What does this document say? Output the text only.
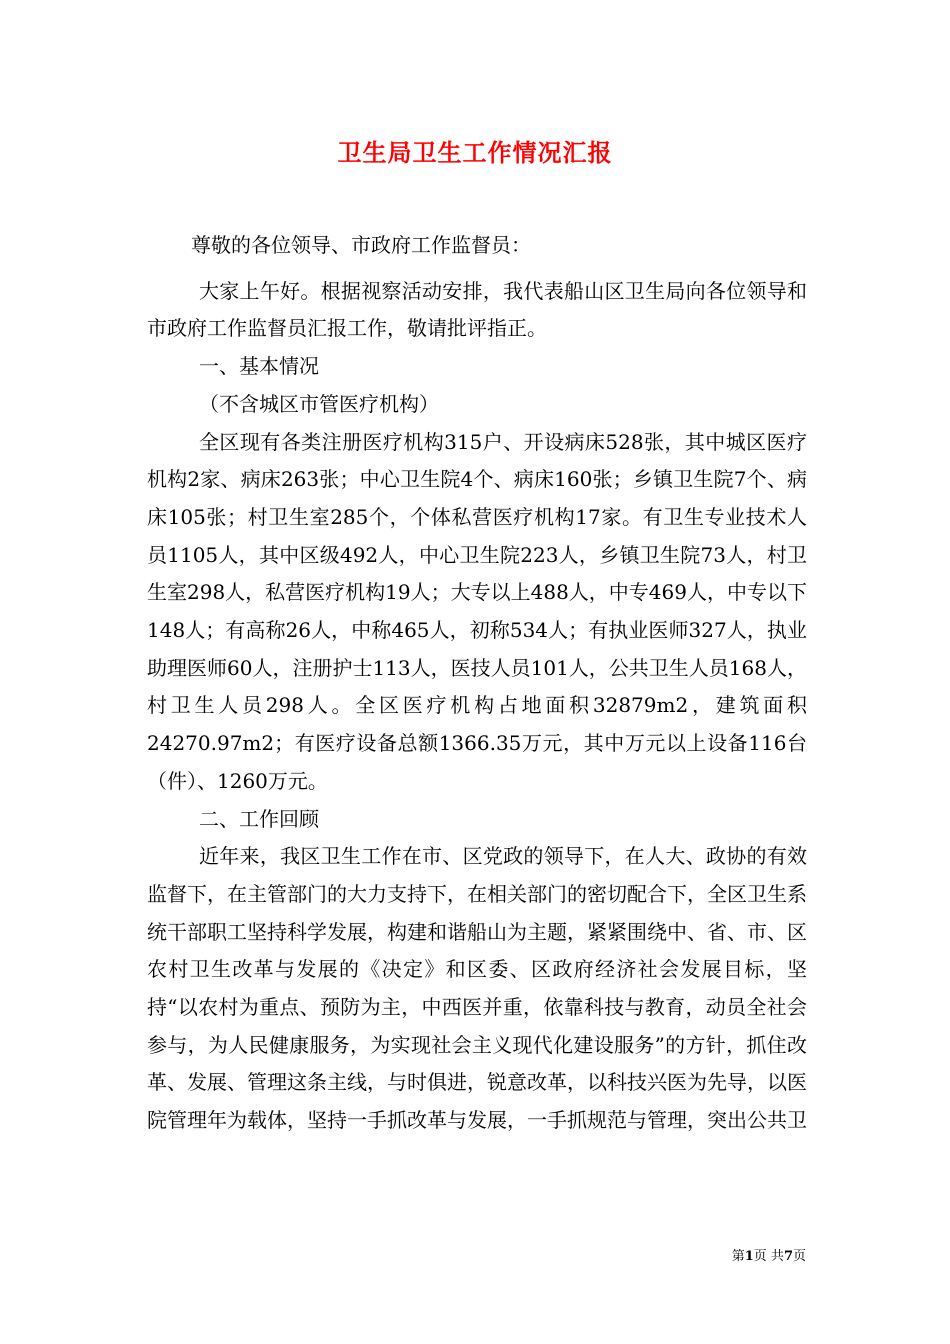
卫生局卫生工作情况汇报

尊敬的各位领导、市政府工作监督员：

大家上午好。根据视察活动安排，我代表船山区卫生局向各位领导和市政府工作监督员汇报工作，敬请批评指正。

一、基本情况

（不含城区市管医疗机构）

全区现有各类注册医疗机构315户、开设病床528张，其中城区医疗机构2家、病床263张；中心卫生院4个、病床160张；乡镇卫生院7个、病床105张；村卫生室285个，个体私营医疗机构17家。有卫生专业技术人员1105人，其中区级492人，中心卫生院223人，乡镇卫生院73人，村卫生室298人，私营医疗机构19人；大专以上488人，中专469人，中专以下148人；有高称26人，中称465人，初称534人；有执业医师327人，执业助理医师60人，注册护士113人，医技人员101人，公共卫生人员168人，村卫生人员298人。全区医疗机构占地面积32879m2，建筑面积24270.97m2；有医疗设备总额1366.35万元，其中万元以上设备116台（件）、1260万元。

二、工作回顾

近年来，我区卫生工作在市、区党政的领导下，在人大、政协的有效监督下，在主管部门的大力支持下，在相关部门的密切配合下，全区卫生系统干部职工坚持科学发展，构建和谐船山为主题，紧紧围绕中、省、市、区农村卫生改革与发展的《决定》和区委、区政府经济社会发展目标，坚持“以农村为重点、预防为主，中西医并重，依靠科技与教育，动员全社会参与，为人民健康服务，为实现社会主义现代化建设服务”的方针，抓住改革、发展、管理这条主线，与时俱进，锐意改革，以科技兴医为先导，以医院管理年为载体，坚持一手抓改革与发展，一手抓规范与管理，突出公共卫

第1页 共7页
